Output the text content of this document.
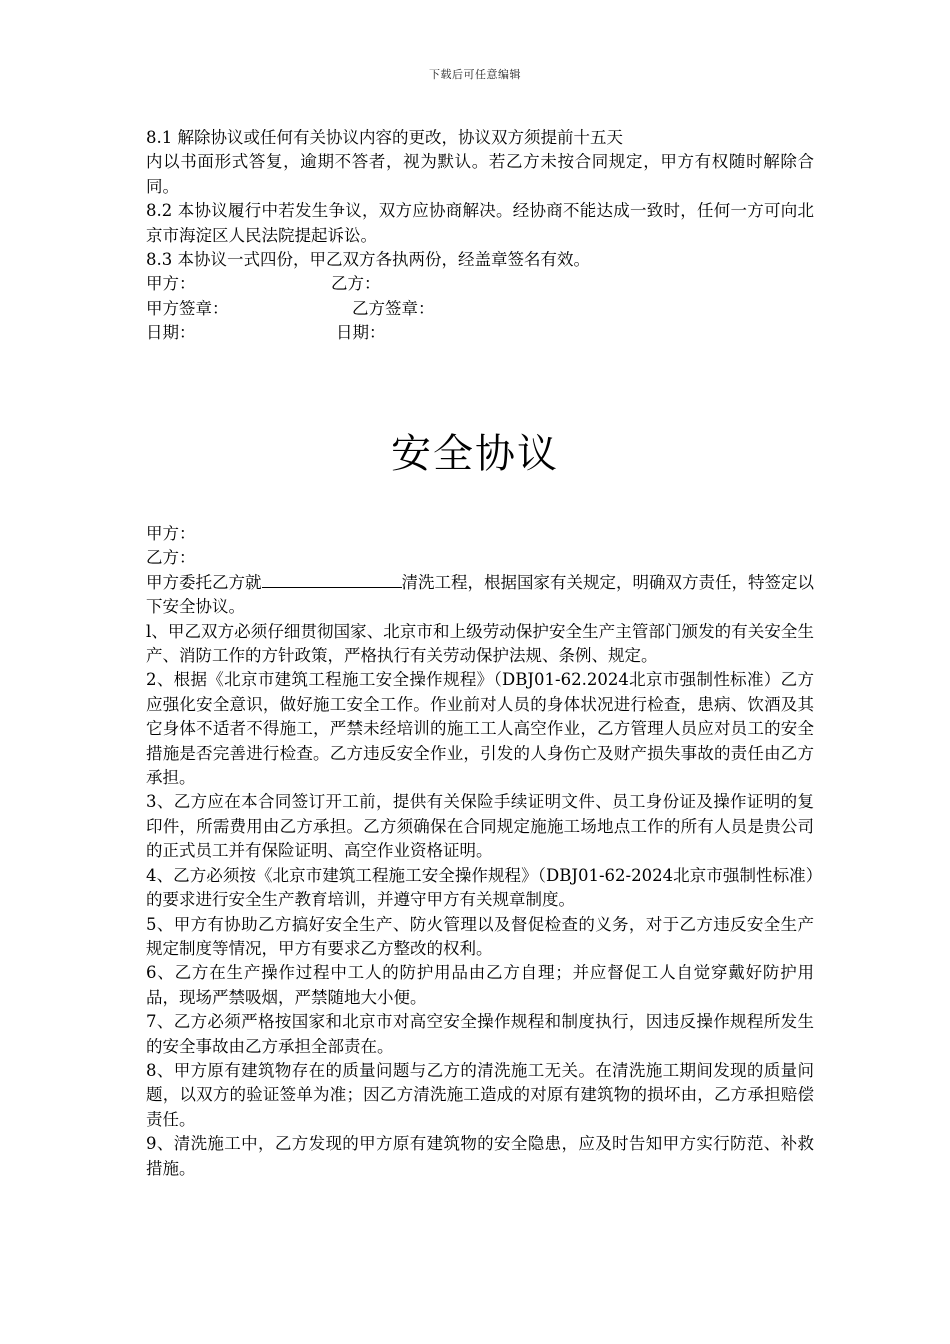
下载后可任意编辑

8.1 解除协议或任何有关协议内容的更改，协议双方须提前十五天

内以书面形式答复，逾期不答者，视为默认。若乙方未按合同规定，甲方有权随时解除合同。

8.2 本协议履行中若发生争议，双方应协商解决。经协商不能达成一致时，任何一方可向北京市海淀区人民法院提起诉讼。

8.3 本协议一式四份，甲乙双方各执两份，经盖章签名有效。

甲方：	乙方：
甲方签章：	乙方签章：
日期：	日期：
安全协议

甲方：

乙方：

甲方委托乙方就	清洗工程，根据国家有关规定，明确双方责任，特签定以下安全协议。

l、甲乙双方必须仔细贯彻国家、北京市和上级劳动保护安全生产主管部门颁发的有关安全生产、消防工作的方针政策，严格执行有关劳动保护法规、条例、规定。

2、根据《北京市建筑工程施工安全操作规程》（DBJ01-62.2024北京市强制性标准）乙方应强化安全意识，做好施工安全工作。作业前对人员的身体状况进行检查，患病、饮酒及其它身体不适者不得施工，严禁未经培训的施工工人高空作业，乙方管理人员应对员工的安全措施是否完善进行检查。乙方违反安全作业，引发的人身伤亡及财产损失事故的责任由乙方承担。

3、乙方应在本合同签订开工前，提供有关保险手续证明文件、员工身份证及操作证明的复印件，所需费用由乙方承担。乙方须确保在合同规定施施工场地点工作的所有人员是贵公司的正式员工并有保险证明、高空作业资格证明。

4、乙方必须按《北京市建筑工程施工安全操作规程》（DBJ01-62-2024北京市强制性标准）的要求进行安全生产教育培训，并遵守甲方有关规章制度。

5、甲方有协助乙方搞好安全生产、防火管理以及督促检查的义务，对于乙方违反安全生产规定制度等情况，甲方有要求乙方整改的权利。

6、乙方在生产操作过程中工人的防护用品由乙方自理；并应督促工人自觉穿戴好防护用品，现场严禁吸烟，严禁随地大小便。

7、乙方必须严格按国家和北京市对高空安全操作规程和制度执行，因违反操作规程所发生的安全事故由乙方承担全部责在。

8、甲方原有建筑物存在的质量问题与乙方的清洗施工无关。在清洗施工期间发现的质量问题，以双方的验证签单为准；因乙方清洗施工造成的对原有建筑物的损坏由，乙方承担赔偿责任。

9、清洗施工中，乙方发现的甲方原有建筑物的安全隐患，应及时告知甲方实行防范、补救措施。
